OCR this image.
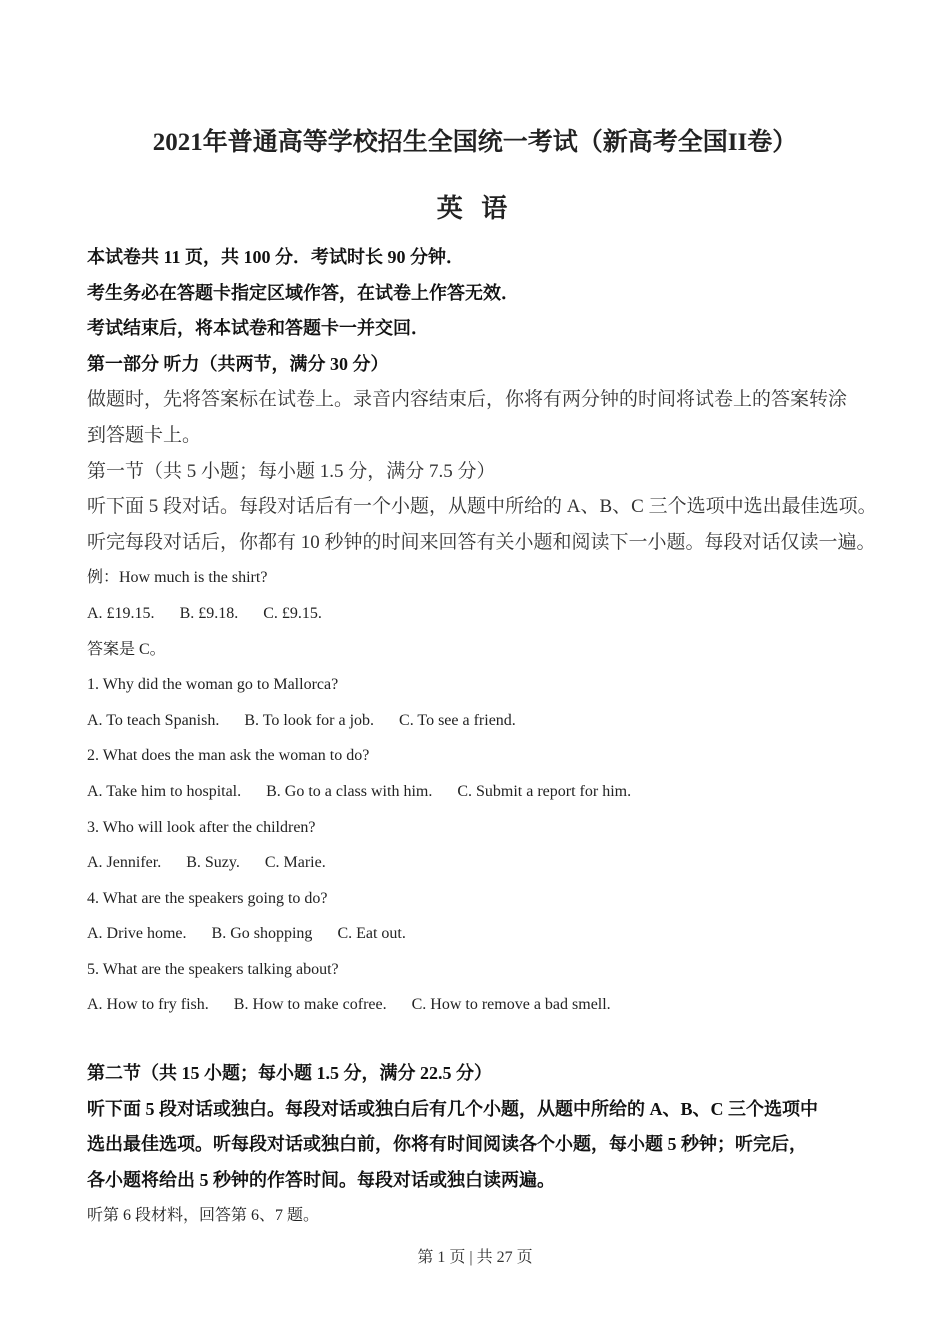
2021年普通高等学校招生全国统一考试（新高考全国II卷）
英 语
本试卷共 11 页，共 100 分．考试时长 90 分钟．
考生务必在答题卡指定区域作答，在试卷上作答无效．
考试结束后，将本试卷和答题卡一并交回．
第一部分 听力（共两节，满分 30 分）
做题时，先将答案标在试卷上。录音内容结束后，你将有两分钟的时间将试卷上的答案转涂
到答题卡上。
第一节（共 5 小题；每小题 1.5 分，满分 7.5 分）
听下面 5 段对话。每段对话后有一个小题，从题中所给的 A、B、C 三个选项中选出最佳选项。
听完每段对话后，你都有 10 秒钟的时间来回答有关小题和阅读下一小题。每段对话仅读一遍。
例：How much is the shirt?
A. £19.15. B. £9.18. C. £9.15.
答案是 C。
1. Why did the woman go to Mallorca?
A. To teach Spanish. B. To look for a job. C. To see a friend.
2. What does the man ask the woman to do?
A. Take him to hospital. B. Go to a class with him. C. Submit a report for him.
3. Who will look after the children?
A. Jennifer. B. Suzy. C. Marie.
4. What are the speakers going to do?
A. Drive home. B. Go shopping C. Eat out.
5. What are the speakers talking about?
A. How to fry fish. B. How to make cofree. C. How to remove a bad smell.
第二节（共 15 小题；每小题 1.5 分，满分 22.5 分）
听下面 5 段对话或独白。每段对话或独白后有几个小题，从题中所给的 A、B、C 三个选项中
选出最佳选项。听每段对话或独白前，你将有时间阅读各个小题，每小题 5 秒钟；听完后，
各小题将给出 5 秒钟的作答时间。每段对话或独白读两遍。
听第 6 段材料，回答第 6、7 题。
第 1 页 | 共 27 页
